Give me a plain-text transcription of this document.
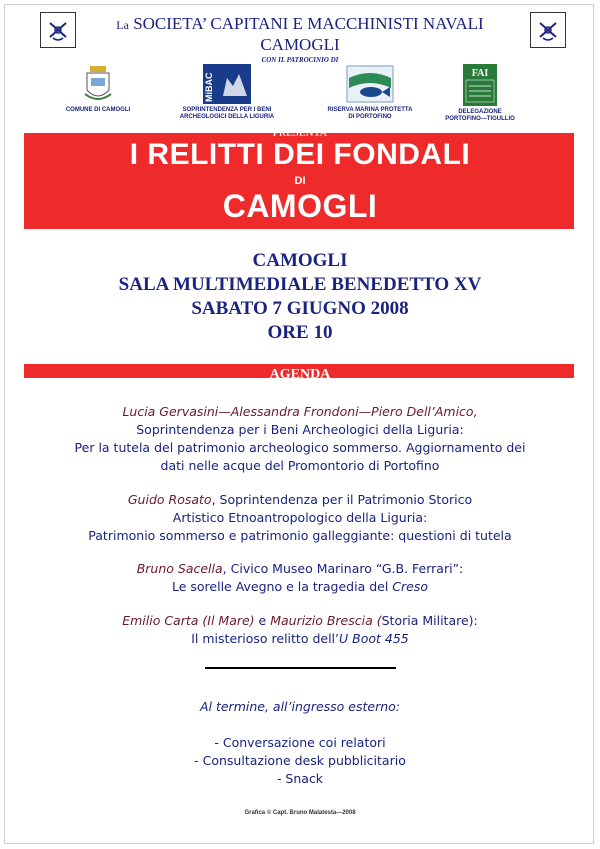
La SOCIETA’ CAPITANI E MACCHINISTI NAVALI
CAMOGLI
CON IL PATROCINIO DI
COMUNE DI CAMOGLI
MiBAC
SOPRINTENDENZA PER I BENI
ARCHEOLOGICI DELLA LIGURIA
RISERVA MARINA PROTETTA
DI PORTOFINO
FAI
DELEGAZIONE
PORTOFINO—TIGULLIO
PRESENTA
I RELITTI DEI FONDALI
DI
CAMOGLI
CAMOGLI
SALA MULTIMEDIALE BENEDETTO XV
SABATO 7 GIUGNO 2008
ORE 10
AGENDA
Lucia Gervasini—Alessandra Frondoni—Piero Dell’Amico,
Soprintendenza per i Beni Archeologici della Liguria:
Per la tutela del patrimonio archeologico sommerso. Aggiornamento dei
dati nelle acque del Promontorio di Portofino
Guido Rosato, Soprintendenza per il Patrimonio Storico
Artistico Etnoantropologico della Liguria:
Patrimonio sommerso e patrimonio galleggiante: questioni di tutela
Bruno Sacella, Civico Museo Marinaro “G.B. Ferrari”:
Le sorelle Avegno e la tragedia del Creso
Emilio Carta (Il Mare) e Maurizio Brescia (Storia Militare):
Il misterioso relitto dell’U Boot 455
Al termine, all’ingresso esterno:
- Conversazione coi relatori
- Consultazione desk pubblicitario
- Snack
Grafica © Capt. Bruno Malatesta—2008
